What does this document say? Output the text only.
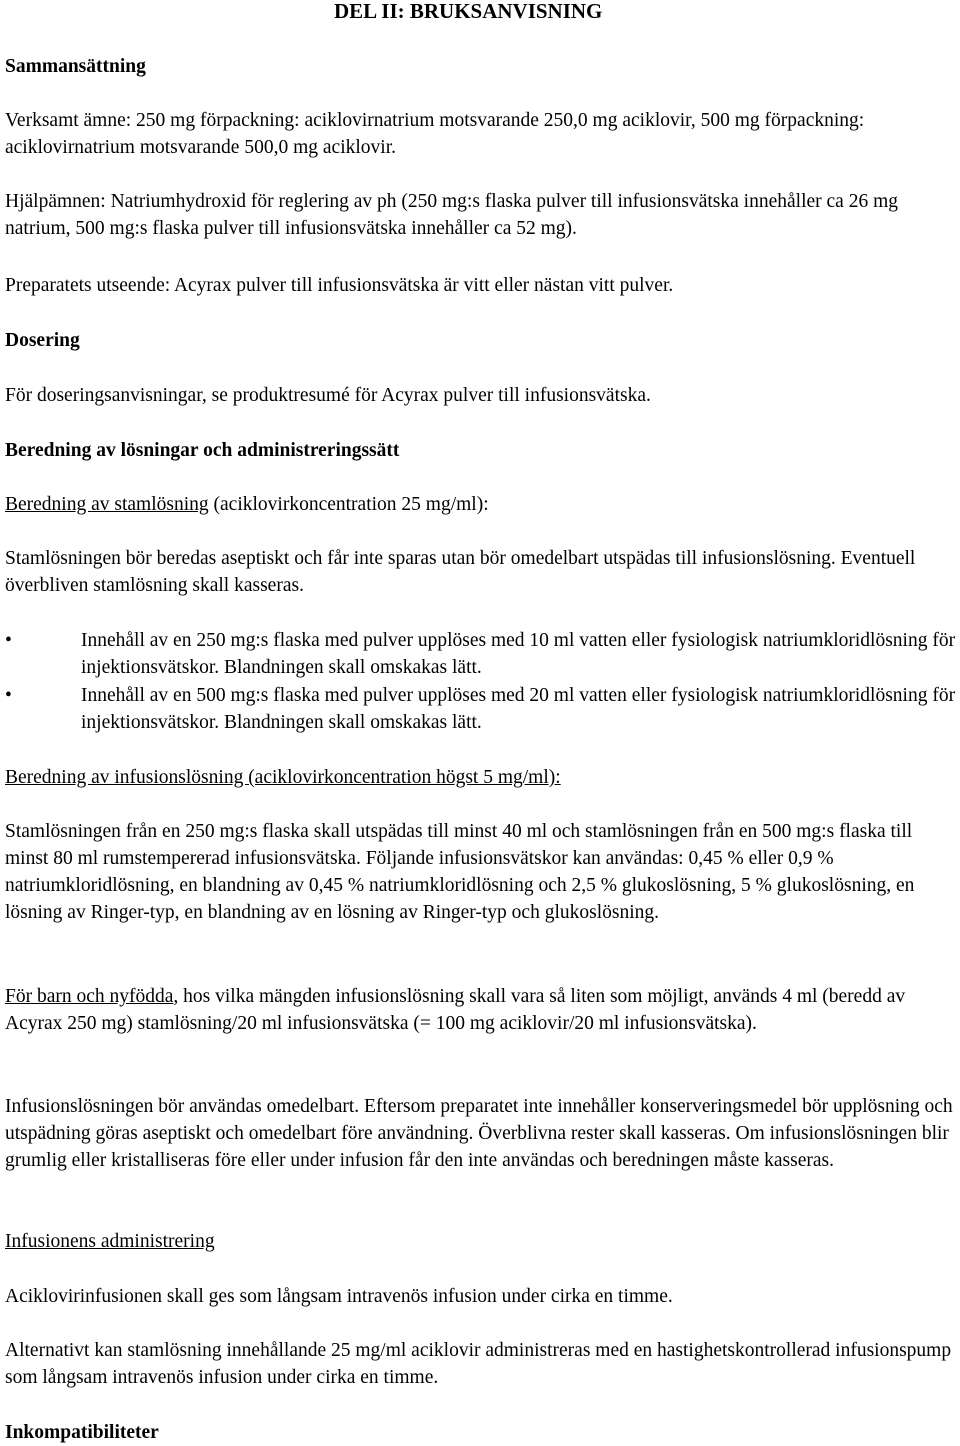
DEL II: BRUKSANVISNING
Sammansättning
Verksamt ämne: 250 mg förpackning: aciklovirnatrium motsvarande 250,0 mg aciklovir, 500 mg förpackning: aciklovirnatrium motsvarande 500,0 mg aciklovir.
Hjälpämnen: Natriumhydroxid för reglering av ph (250 mg:s flaska pulver till infusionsvätska innehåller ca 26 mg natrium, 500 mg:s flaska pulver till infusionsvätska innehåller ca 52 mg).
Preparatets utseende: Acyrax pulver till infusionsvätska är vitt eller nästan vitt pulver.
Dosering
För doseringsanvisningar, se produktresumé för Acyrax pulver till infusionsvätska.
Beredning av lösningar och administreringssätt
Beredning av stamlösning (aciklovirkoncentration 25 mg/ml):
Stamlösningen bör beredas aseptiskt och får inte sparas utan bör omedelbart utspädas till infusionslösning. Eventuell överbliven stamlösning skall kasseras.
•	Innehåll av en 250 mg:s flaska med pulver upplöses med 10 ml vatten eller fysiologisk natriumkloridlösning för injektionsvätskor. Blandningen skall omskakas lätt.
•	Innehåll av en 500 mg:s flaska med pulver upplöses med 20 ml vatten eller fysiologisk natriumkloridlösning för injektionsvätskor. Blandningen skall omskakas lätt.
Beredning av infusionslösning (aciklovirkoncentration högst 5 mg/ml):
Stamlösningen från en 250 mg:s flaska skall utspädas till minst 40 ml och stamlösningen från en 500 mg:s flaska till minst 80 ml rumstempererad infusionsvätska. Följande infusionsvätskor kan användas: 0,45 % eller 0,9 % natriumkloridlösning, en blandning av 0,45 % natriumkloridlösning och 2,5 % glukoslösning, 5 % glukoslösning, en lösning av Ringer-typ, en blandning av en lösning av Ringer-typ och glukoslösning.
För barn och nyfödda, hos vilka mängden infusionslösning skall vara så liten som möjligt, används 4 ml (beredd av Acyrax 250 mg) stamlösning/20 ml infusionsvätska (= 100 mg aciklovir/20 ml infusionsvätska).
Infusionslösningen bör användas omedelbart. Eftersom preparatet inte innehåller konserveringsmedel bör upplösning och utspädning göras aseptiskt och omedelbart före användning. Överblivna rester skall kasseras. Om infusionslösningen blir grumlig eller kristalliseras före eller under infusion får den inte användas och beredningen måste kasseras.
Infusionens administrering
Aciklovirinfusionen skall ges som långsam intravenös infusion under cirka en timme.
Alternativt kan stamlösning innehållande 25 mg/ml aciklovir administreras med en hastighetskontrollerad infusionspump som långsam intravenös infusion under cirka en timme.
Inkompatibiliteter
